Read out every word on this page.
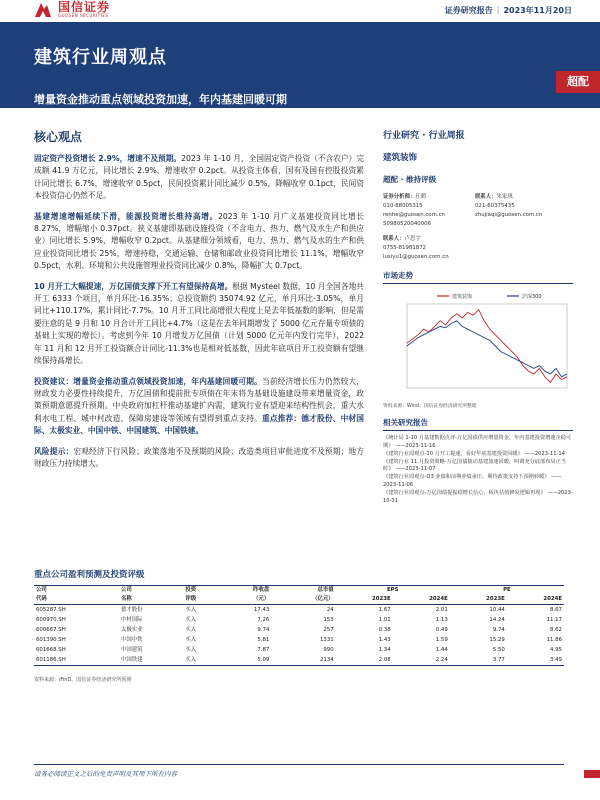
国信证券
GUOSEN SECURITIES
证券研究报告 | 2023年11月20日
建筑行业周观点
增量资金推动重点领域投资加速，年内基建回暖可期
超配
核心观点

固定资产投资增长 2.9%，增速不及预期。2023 年 1-10 月，全国固定资产投资（不含农户）完成额 41.9 万亿元，同比增长 2.9%，增速收窄 0.2pct。从投资主体看，国有及国有控股投资累计同比增长 6.7%，增速收窄 0.5pct，民间投资累计同比减少 0.5%，降幅收窄 0.1pct，民间资本投资信心仍然不足。

基建增速增幅延续下滑，能源投资增长维持高增。2023 年 1-10 月广义基建投资同比增长 8.27%，增幅缩小 0.37pct。狭义基建即基础设施投资（不含电力、热力、燃气及水生产和供应业）同比增长 5.9%，增幅收窄 0.2pct。从基建细分领域看，电力、热力、燃气及水的生产和供应业投资同比增长 25%，增速持稳，交通运输、仓储和邮政业投资同比增长 11.1%，增幅收窄 0.5pct，水利、环境和公共设施管理业投资同比减少 0.8%，降幅扩大 0.7pct。

10 月开工大幅提速，万亿国债支撑下开工有望保持高增。根据 Mysteel 数据，10 月全国各地共开工 6333 个项目，单月环比-16.35%；总投资额约 35074.92 亿元，单月环比-3.05%，单月同比+110.17%，累计同比-7.7%。10 月开工同比高增很大程度上是去年低基数的影响，但是需要注意的是 9 月和 10 月合计开工同比+4.7%（这是在去年同期增发了 5000 亿元存量专项债的基础上实现的增长）。考虑到今年 10 月增发万亿国债（计划 5000 亿元年内发行完毕），2022 年 11 月和 12 月开工投资额合计同比-11.3%也是相对低基数，因此年底项目开工投资额有望继续保持高增长。

投资建议：增量资金推动重点领域投资加速，年内基建回暖可期。当前经济增长压力仍然较大，财政发力必要性持续提升，万亿国债和提前批专项债在年末将为基础设施建设带来增量资金，政策预期意愿提升预期。中央政府加杠杆推动基建扩内需，建筑行业有望迎来结构性机会，重大水利水电工程、城中村改造、保障房建设等领域有望得到重点支持。重点推荐：德才股份、中材国际、太极实业、中国中铁、中国建筑、中国铁建。

风险提示：宏观经济下行风险；政策落地不及预期的风险；改造类项目审批进度不及预期；地方财政压力持续增大。

行业研究 · 行业周报
建筑装饰
超配 · 维持评级
证券分析师：任鹤	联系人：朱家琪
010-88005315	021-60375435
renhe@guosen.com.cn	zhujiaqi@guosen.com.cn
S0980520040006
联系人：卢思宇
0755-81981872
lusiyu1@guosen.com.cn
市场走势
建筑装饰	沪深300
资料来源：Wind、国信证券经济研究所整理
相关研究报告
《统计局 1-10 月基建数据点评-万亿国债供应增量资金，年内基建投资增速企稳可期》 ——2023-11-16
《建筑行业周观点-10 月开工提速，看好年底基建投资回暖》 ——2023-11-14
《建筑行业 11 月投资策略-万亿国债拨动基建加速回暖，叫调充分底部布局正当时》 ——2023-11-07
《建筑行业周观点-Q3 业绩和前期业绩承压，期待政策支持下预期转暖》 ——2023-11-06
《建筑行业周观点-万亿国债提振稳增长信心，板块估值修复逻辑再现》 ——2023-10-31
重点公司盈利预测及投资评级
公司	公司	投资	昨收盘	总市值	EPS		PE	
代码	名称	评级	（元）	（亿元）	2023E	2024E	2023E	2024E
605287.SH	德才股份	买入	17.43	24	1.67	2.01	10.44	8.67
600970.SH	中材国际	买入	7.26	153	1.01	1.13	14.24	11.17
600667.SH	太极实业	买入	9.74	257	0.38	0.49	9.74	8.62
601390.SH	中国中铁	买入	5.81	1331	1.43	1.59	15.29	11.86
601668.SH	中国建筑	买入	7.87	990	1.34	1.44	5.50	4.95
601186.SH	中国铁建	买入	5.09	2134	2.08	2.24	3.77	3.49
资料来源：iFinD、国信证券经济研究所预测
请务必阅读正文之后的免责声明及其项下所有内容
